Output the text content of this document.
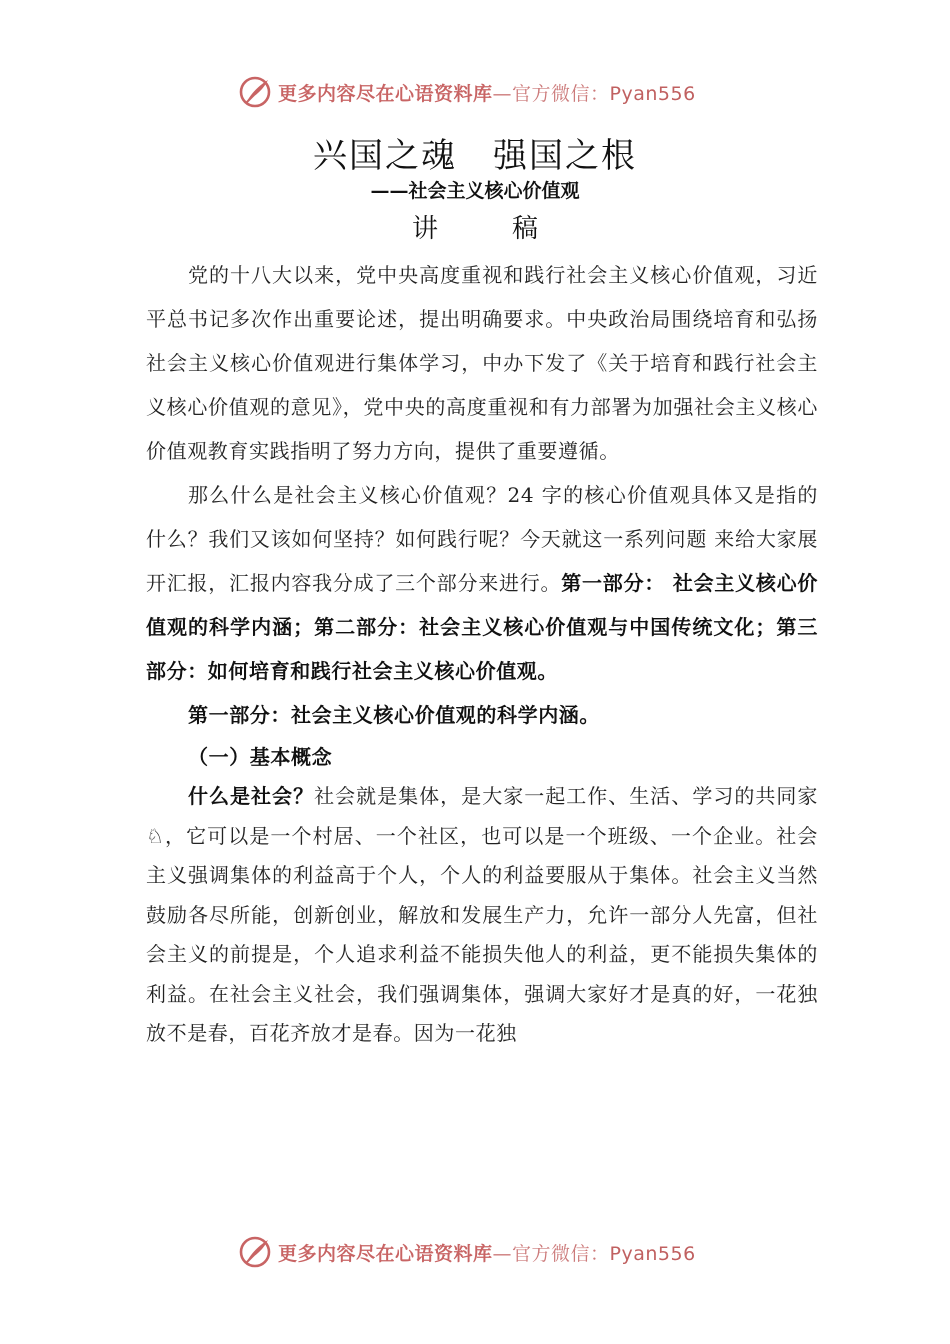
更多内容尽在心语资料库—官方微信：Pyan556
兴国之魂　强国之根
——社会主义核心价值观
讲　稿

党的十八大以来，党中央高度重视和践行社会主义核心价值观，习近平总书记多次作出重要论述，提出明确要求。中央政治局围绕培育和弘扬社会主义核心价值观进行集体学习，中办下发了《关于培育和践行社会主义核心价值观的意见》，党中央的高度重视和有力部署为加强社会主义核心价值观教育实践指明了努力方向，提供了重要遵循。

那么什么是社会主义核心价值观？24 字的核心价值观具体又是指的什么？我们又该如何坚持？如何践行呢？今天就这一系列问题 来给大家展开汇报，汇报内容我分成了三个部分来进行。第一部分： 社会主义核心价值观的科学内涵；第二部分：社会主义核心价值观与中国传统文化；第三部分：如何培育和践行社会主义核心价值观。

第一部分：社会主义核心价值观的科学内涵。

（一）基本概念

什么是社会？社会就是集体，是大家一起工作、生活、学习的共同家♘，它可以是一个村居、一个社区，也可以是一个班级、一个企业。社会主义强调集体的利益高于个人，个人的利益要服从于集体。社会主义当然鼓励各尽所能，创新创业，解放和发展生产力，允许一部分人先富，但社会主义的前提是，个人追求利益不能损失他人的利益，更不能损失集体的利益。在社会主义社会，我们强调集体，强调大家好才是真的好，一花独放不是春，百花齐放才是春。因为一花独

更多内容尽在心语资料库—官方微信：Pyan556
